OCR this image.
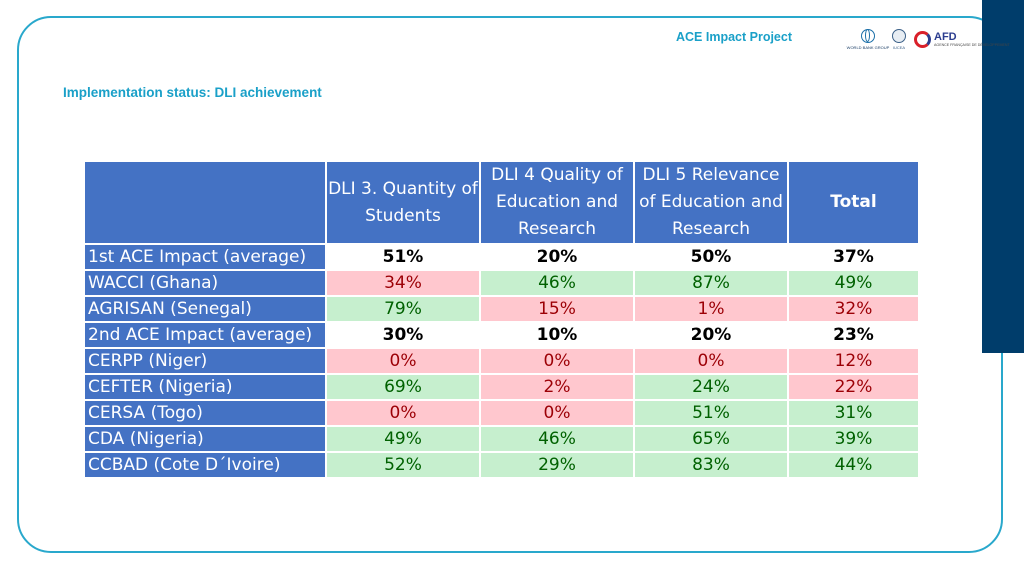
ACE Impact Project
WORLD BANK GROUP IUCEA
AFD
AGENCE FRANÇAISE DE DÉVELOPPEMENT
Implementation status: DLI achievement
	DLI 3. Quantity of Students	DLI 4 Quality of Education and Research	DLI 5 Relevance of Education and Research	Total
1st ACE Impact (average)	51%	20%	50%	37%
WACCI (Ghana)	34%	46%	87%	49%
AGRISAN (Senegal)	79%	15%	1%	32%
2nd ACE Impact (average)	30%	10%	20%	23%
CERPP (Niger)	0%	0%	0%	12%
CEFTER (Nigeria)	69%	2%	24%	22%
CERSA (Togo)	0%	0%	51%	31%
CDA (Nigeria)	49%	46%	65%	39%
CCBAD (Cote D´Ivoire)	52%	29%	83%	44%
